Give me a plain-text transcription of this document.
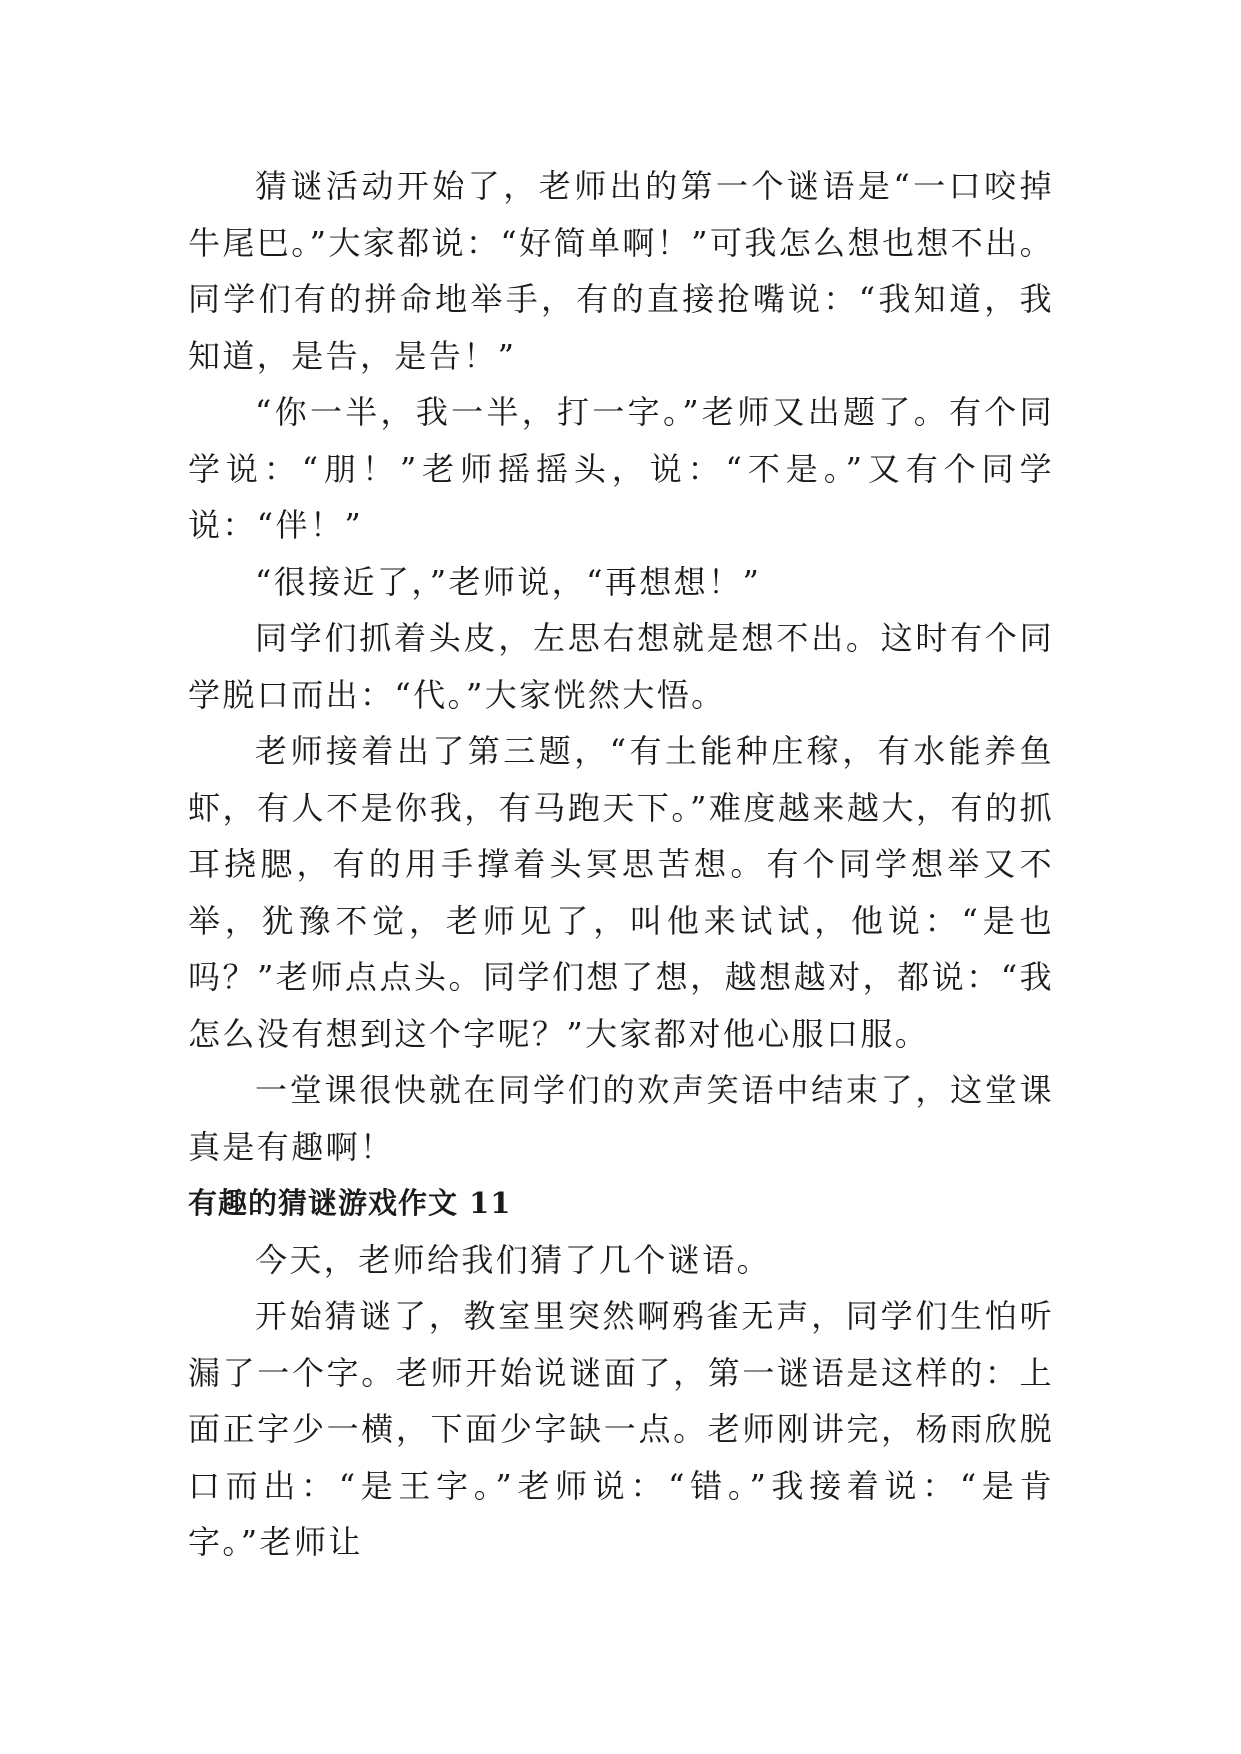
猜谜活动开始了，老师出的第一个谜语是“一口咬掉牛尾巴。”大家都说：“好简单啊！”可我怎么想也想不出。同学们有的拼命地举手，有的直接抢嘴说：“我知道，我知道，是告，是告！”

“你一半，我一半，打一字。”老师又出题了。有个同学说：“朋！”老师摇摇头，说：“不是。”又有个同学说：“伴！”

“很接近了，”老师说，“再想想！”

同学们抓着头皮，左思右想就是想不出。这时有个同学脱口而出：“代。”大家恍然大悟。

老师接着出了第三题，“有土能种庄稼，有水能养鱼虾，有人不是你我，有马跑天下。”难度越来越大，有的抓耳挠腮，有的用手撑着头冥思苦想。有个同学想举又不举，犹豫不觉，老师见了，叫他来试试，他说：“是也吗？”老师点点头。同学们想了想，越想越对，都说：“我怎么没有想到这个字呢？”大家都对他心服口服。

一堂课很快就在同学们的欢声笑语中结束了，这堂课真是有趣啊！

有趣的猜谜游戏作文 11

今天，老师给我们猜了几个谜语。

开始猜谜了，教室里突然啊鸦雀无声，同学们生怕听漏了一个字。老师开始说谜面了，第一谜语是这样的：上面正字少一横，下面少字缺一点。老师刚讲完，杨雨欣脱口而出：“是王字。”老师说：“错。”我接着说：“是肯字。”老师让
